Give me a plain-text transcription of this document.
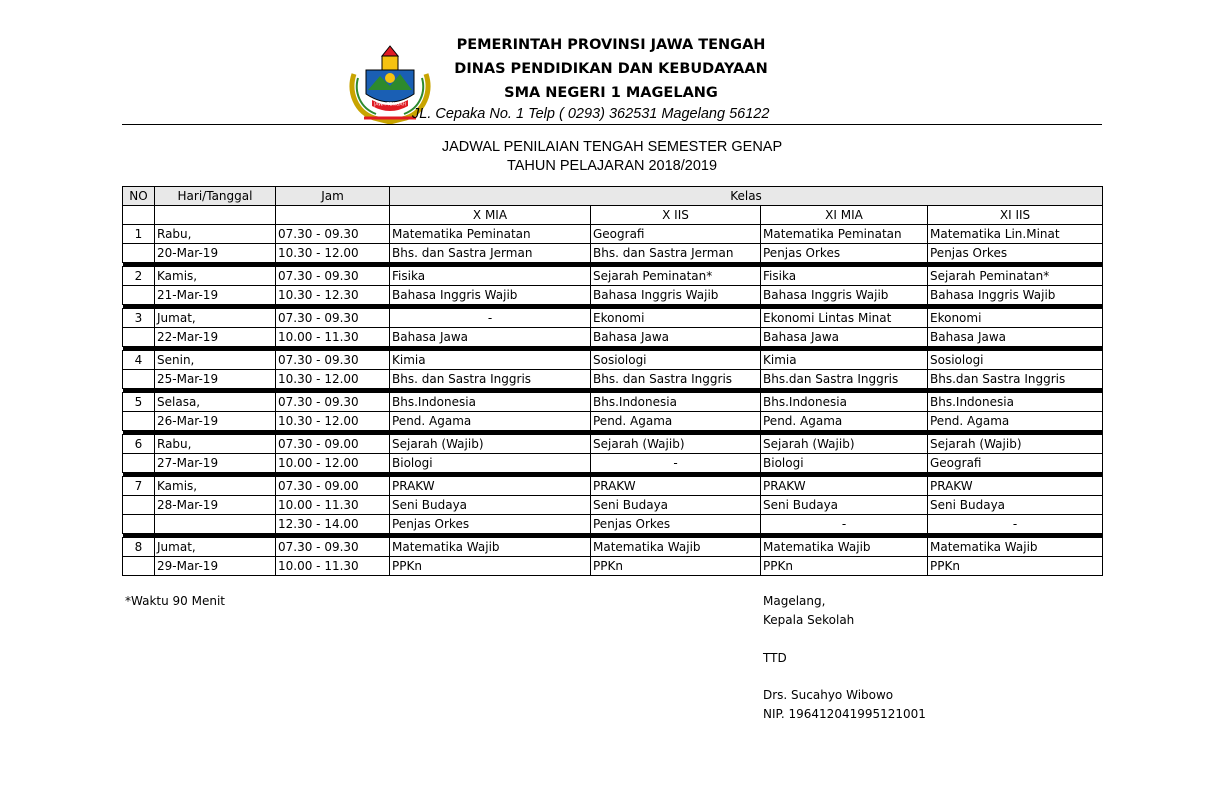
JAWA TENGAH
PEMERINTAH PROVINSI JAWA TENGAH
DINAS PENDIDIKAN DAN KEBUDAYAAN
SMA NEGERI 1 MAGELANG
JL. Cepaka No. 1 Telp ( 0293) 362531 Magelang 56122
JADWAL PENILAIAN TENGAH SEMESTER GENAP
TAHUN PELAJARAN 2018/2019
NO	Hari/Tanggal	Jam	Kelas			
			X MIA	X IIS	XI MIA	XI IIS
1	Rabu,	07.30 - 09.30	Matematika Peminatan	Geografi	Matematika Peminatan	Matematika Lin.Minat
	20-Mar-19	10.30 - 12.00	Bhs. dan Sastra Jerman	Bhs. dan Sastra Jerman	Penjas Orkes	Penjas Orkes

2	Kamis,	07.30 - 09.30	Fisika	Sejarah Peminatan*	Fisika	Sejarah Peminatan*
	21-Mar-19	10.30 - 12.30	Bahasa Inggris Wajib	Bahasa Inggris Wajib	Bahasa Inggris Wajib	Bahasa Inggris Wajib

3	Jumat,	07.30 - 09.30	-	Ekonomi	Ekonomi Lintas Minat	Ekonomi
	22-Mar-19	10.00 - 11.30	Bahasa Jawa	Bahasa Jawa	Bahasa Jawa	Bahasa Jawa

4	Senin,	07.30 - 09.30	Kimia	Sosiologi	Kimia	Sosiologi
	25-Mar-19	10.30 - 12.00	Bhs. dan Sastra Inggris	Bhs. dan Sastra Inggris	Bhs.dan Sastra Inggris	Bhs.dan Sastra Inggris

5	Selasa,	07.30 - 09.30	Bhs.Indonesia	Bhs.Indonesia	Bhs.Indonesia	Bhs.Indonesia
	26-Mar-19	10.30 - 12.00	Pend. Agama	Pend. Agama	Pend. Agama	Pend. Agama

6	Rabu,	07.30 - 09.00	Sejarah (Wajib)	Sejarah (Wajib)	Sejarah (Wajib)	Sejarah (Wajib)
	27-Mar-19	10.00 - 12.00	Biologi	-	Biologi	Geografi

7	Kamis,	07.30 - 09.00	PRAKW	PRAKW	PRAKW	PRAKW
	28-Mar-19	10.00 - 11.30	Seni Budaya	Seni Budaya	Seni Budaya	Seni Budaya
		12.30 - 14.00	Penjas Orkes	Penjas Orkes	-	-

8	Jumat,	07.30 - 09.30	Matematika Wajib	Matematika Wajib	Matematika Wajib	Matematika Wajib
	29-Mar-19	10.00 - 11.30	PPKn	PPKn	PPKn	PPKn
*Waktu 90 Menit	Magelang,
Kepala Sekolah
TTD
Drs. Sucahyo Wibowo
NIP. 196412041995121001
